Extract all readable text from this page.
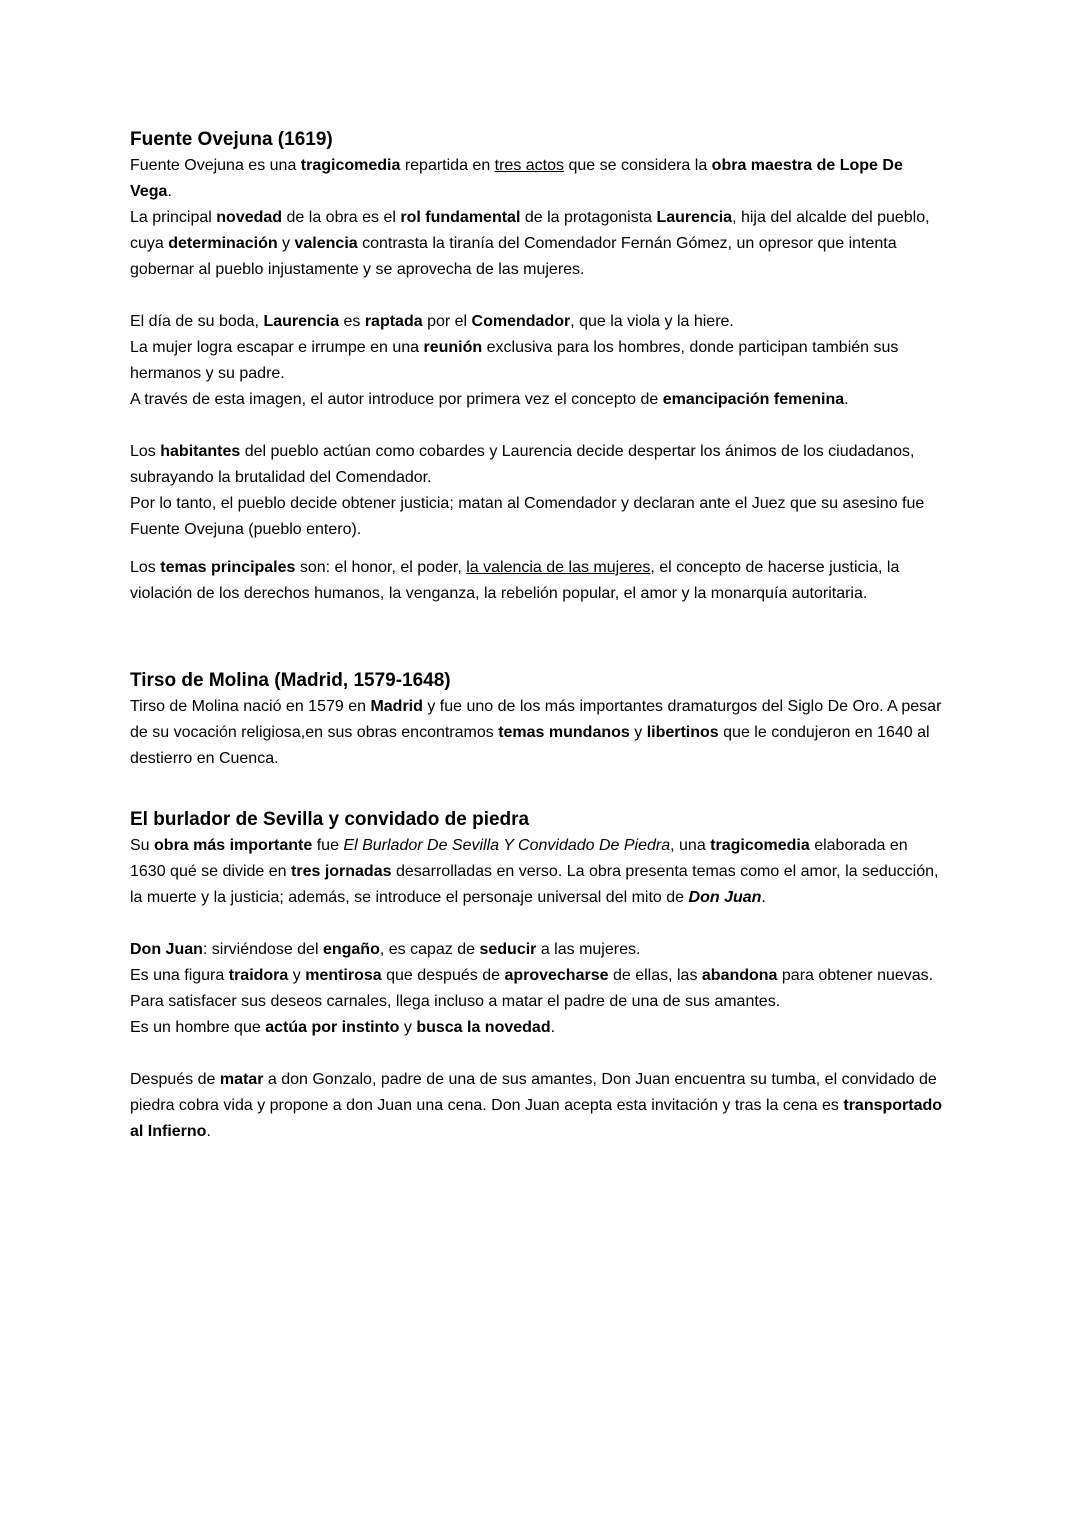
Fuente Ovejuna (1619)

Fuente Ovejuna es una tragicomedia repartida en tres actos que se considera la obra maestra de Lope De Vega.

La principal novedad de la obra es el rol fundamental de la protagonista Laurencia, hija del alcalde del pueblo, cuya determinación y valencia contrasta la tiranía del Comendador Fernán Gómez, un opresor que intenta gobernar al pueblo injustamente y se aprovecha de las mujeres.

El día de su boda, Laurencia es raptada por el Comendador, que la viola y la hiere.

La mujer logra escapar e irrumpe en una reunión exclusiva para los hombres, donde participan también sus hermanos y su padre.

A través de esta imagen, el autor introduce por primera vez el concepto de emancipación femenina.

Los habitantes del pueblo actúan como cobardes y Laurencia decide despertar los ánimos de los ciudadanos, subrayando la brutalidad del Comendador.

Por lo tanto, el pueblo decide obtener justicia; matan al Comendador y declaran ante el Juez que su asesino fue Fuente Ovejuna (pueblo entero).

Los temas principales son: el honor, el poder, la valencia de las mujeres, el concepto de hacerse justicia, la violación de los derechos humanos, la venganza, la rebelión popular, el amor y la monarquía autoritaria.

Tirso de Molina (Madrid, 1579-1648)

Tirso de Molina nació en 1579 en Madrid y fue uno de los más importantes dramaturgos del Siglo De Oro. A pesar de su vocación religiosa,en sus obras encontramos temas mundanos y libertinos que le condujeron en 1640 al destierro en Cuenca.

El burlador de Sevilla y convidado de piedra

Su obra más importante fue El Burlador De Sevilla Y Convidado De Piedra, una tragicomedia elaborada en 1630 qué se divide en tres jornadas desarrolladas en verso. La obra presenta temas como el amor, la seducción, la muerte y la justicia; además, se introduce el personaje universal del mito de Don Juan.

Don Juan: sirviéndose del engaño, es capaz de seducir a las mujeres.

Es una figura traidora y mentirosa que después de aprovecharse de ellas, las abandona para obtener nuevas.

Para satisfacer sus deseos carnales, llega incluso a matar el padre de una de sus amantes.

Es un hombre que actúa por instinto y busca la novedad.

Después de matar a don Gonzalo, padre de una de sus amantes, Don Juan encuentra su tumba, el convidado de piedra cobra vida y propone a don Juan una cena. Don Juan acepta esta invitación y tras la cena es transportado al Infierno.
